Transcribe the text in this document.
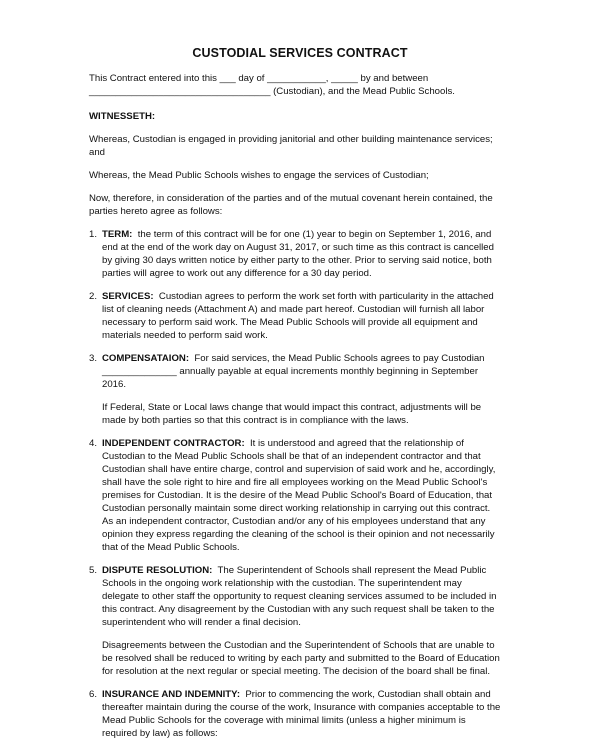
CUSTODIAL SERVICES CONTRACT
This Contract entered into this ___ day of ___________, _____ by and between
__________________________________ (Custodian), and the Mead Public Schools.
WITNESSETH:
Whereas, Custodian is engaged in providing janitorial and other building maintenance services;
and
Whereas, the Mead Public Schools wishes to engage the services of Custodian;
Now, therefore, in consideration of the parties and of the mutual covenant herein contained, the
parties hereto agree as follows:
1. TERM: the term of this contract will be for one (1) year to begin on September 1, 2016, and
end at the end of the work day on August 31, 2017, or such time as this contract is cancelled
by giving 30 days written notice by either party to the other. Prior to serving said notice, both
parties will agree to work out any difference for a 30 day period.
2. SERVICES: Custodian agrees to perform the work set forth with particularity in the attached
list of cleaning needs (Attachment A) and made part hereof. Custodian will furnish all labor
necessary to perform said work. The Mead Public Schools will provide all equipment and
materials needed to perform said work.
3. COMPENSATAION: For said services, the Mead Public Schools agrees to pay Custodian
______________ annually payable at equal increments monthly beginning in September
2016.
If Federal, State or Local laws change that would impact this contract, adjustments will be
made by both parties so that this contract is in compliance with the laws.
4. INDEPENDENT CONTRACTOR: It is understood and agreed that the relationship of
Custodian to the Mead Public Schools shall be that of an independent contractor and that
Custodian shall have entire charge, control and supervision of said work and he, accordingly,
shall have the sole right to hire and fire all employees working on the Mead Public School's
premises for Custodian. It is the desire of the Mead Public School's Board of Education, that
Custodian personally maintain some direct working relationship in carrying out this contract.
As an independent contractor, Custodian and/or any of his employees understand that any
opinion they express regarding the cleaning of the school is their opinion and not necessarily
that of the Mead Public Schools.
5. DISPUTE RESOLUTION: The Superintendent of Schools shall represent the Mead Public
Schools in the ongoing work relationship with the custodian. The superintendent may
delegate to other staff the opportunity to request cleaning services assumed to be included in
this contract. Any disagreement by the Custodian with any such request shall be taken to the
superintendent who will render a final decision.
Disagreements between the Custodian and the Superintendent of Schools that are unable to
be resolved shall be reduced to writing by each party and submitted to the Board of Education
for resolution at the next regular or special meeting. The decision of the board shall be final.
6. INSURANCE AND INDEMNITY: Prior to commencing the work, Custodian shall obtain and
thereafter maintain during the course of the work, Insurance with companies acceptable to the
Mead Public Schools for the coverage with minimal limits (unless a higher minimum is
required by law) as follows:
